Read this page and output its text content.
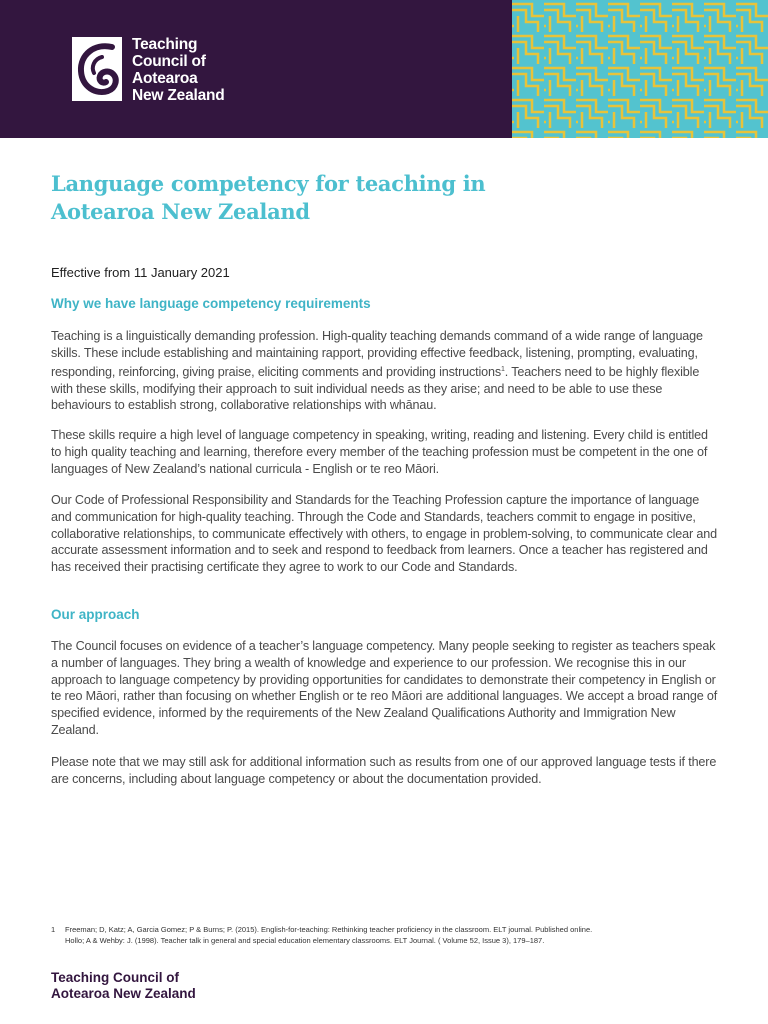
Teaching
Council of
Aotearoa
New Zealand
Language competency for teaching in
Aotearoa New Zealand
Effective from 11 January 2021
Why we have language competency requirements

Teaching is a linguistically demanding profession. High-quality teaching demands command of a wide range of language skills. These include establishing and maintaining rapport, providing effective feedback, listening, prompting, evaluating, responding, reinforcing, giving praise, eliciting comments and providing instructions$^1$. Teachers need to be highly flexible with these skills, modifying their approach to suit individual needs as they arise; and need to be able to use these behaviours to establish strong, collaborative relationships with whānau.

These skills require a high level of language competency in speaking, writing, reading and listening. Every child is entitled to high quality teaching and learning, therefore every member of the teaching profession must be competent in the one of languages of New Zealand’s national curricula - English or te reo Māori.

Our Code of Professional Responsibility and Standards for the Teaching Profession capture the importance of language and communication for high-quality teaching. Through the Code and Standards, teachers commit to engage in positive, collaborative relationships, to communicate effectively with others, to engage in problem-solving, to communicate clear and accurate assessment information and to seek and respond to feedback from learners. Once a teacher has registered and has received their practising certificate they agree to work to our Code and Standards.

Our approach

The Council focuses on evidence of a teacher’s language competency. Many people seeking to register as teachers speak a number of languages. They bring a wealth of knowledge and experience to our profession. We recognise this in our approach to language competency by providing opportunities for candidates to demonstrate their competency in English or te reo Māori, rather than focusing on whether English or te reo Māori are additional languages. We accept a broad range of specified evidence, informed by the requirements of the New Zealand Qualifications Authority and Immigration New Zealand.

Please note that we may still ask for additional information such as results from one of our approved language tests if there are concerns, including about language competency or about the documentation provided.

1	Freeman; D, Katz; A, Garcia Gomez; P & Burns; P. (2015). English-for-teaching: Rethinking teacher proficiency in the classroom. ELT journal. Published online. Hollo; A & Wehby: J. (1998). Teacher talk in general and special education elementary classrooms. ELT Journal. ( Volume 52, Issue 3), 179–187.
Teaching Council of
Aotearoa New Zealand
